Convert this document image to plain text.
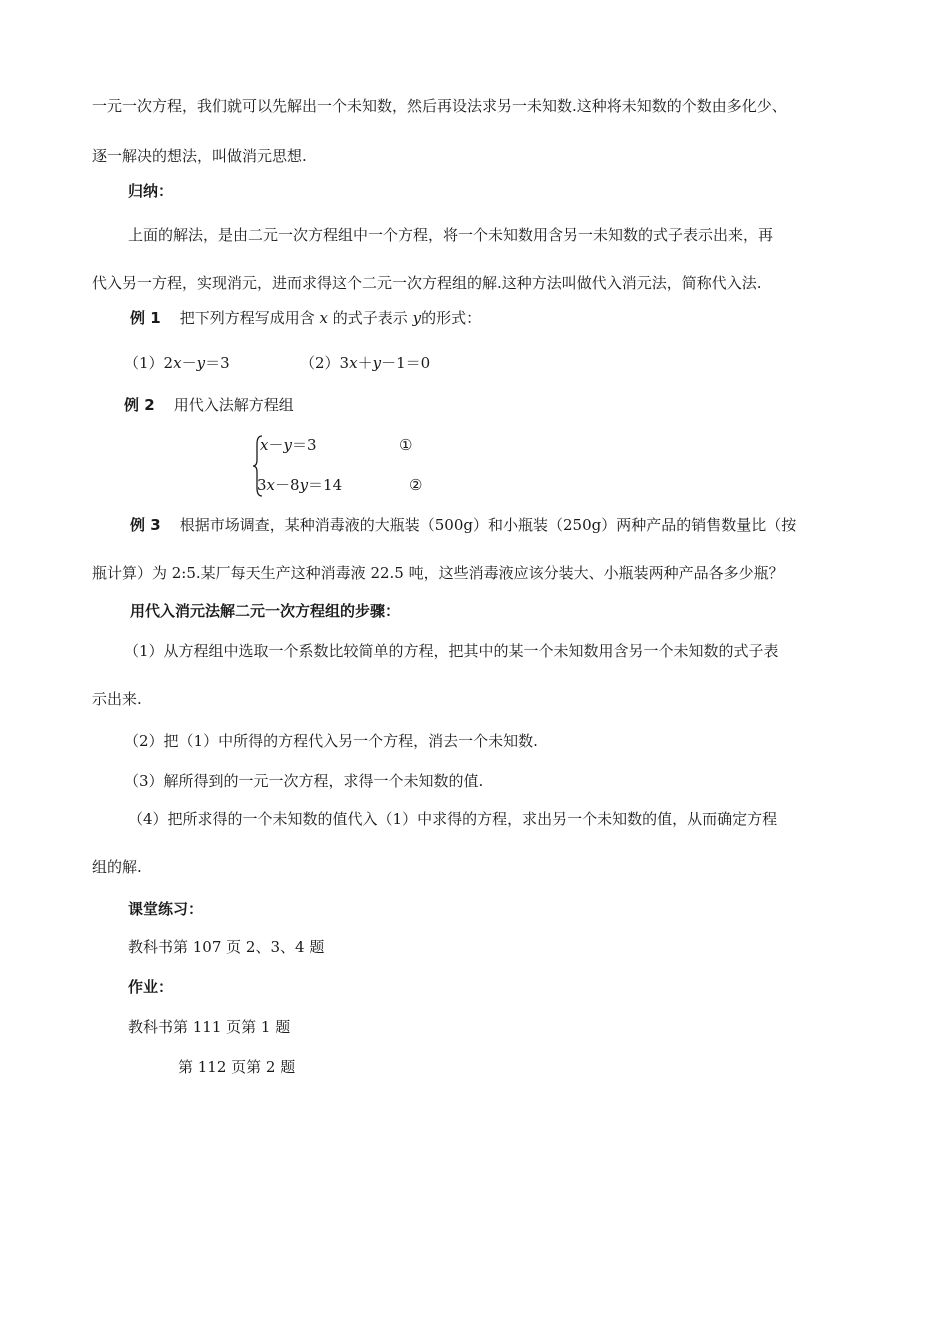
一元一次方程，我们就可以先解出一个未知数，然后再设法求另一未知数.这种将未知数的个数由多化少、
逐一解决的想法，叫做消元思想.
归纳：
上面的解法，是由二元一次方程组中一个方程，将一个未知数用含另一未知数的式子表示出来，再
代入另一方程，实现消元，进而求得这个二元一次方程组的解.这种方法叫做代入消元法，简称代入法.
例 1 把下列方程写成用含 x 的式子表示 y的形式：
（1）2x－y＝3	（2）3x＋y－1＝0
例 2 用代入法解方程组
x－y＝3	①
3x－8y＝14	②
例 3 根据市场调查，某种消毒液的大瓶装（500g）和小瓶装（250g）两种产品的销售数量比（按
瓶计算）为 2:5.某厂每天生产这种消毒液 22.5 吨，这些消毒液应该分装大、小瓶装两种产品各多少瓶？
用代入消元法解二元一次方程组的步骤：
（1）从方程组中选取一个系数比较简单的方程，把其中的某一个未知数用含另一个未知数的式子表
示出来.
（2）把（1）中所得的方程代入另一个方程，消去一个未知数.
（3）解所得到的一元一次方程，求得一个未知数的值.
（4）把所求得的一个未知数的值代入（1）中求得的方程，求出另一个未知数的值，从而确定方程
组的解.
课堂练习：
教科书第 107 页 2、3、4 题
作业：
教科书第 111 页第 1 题
第 112 页第 2 题
